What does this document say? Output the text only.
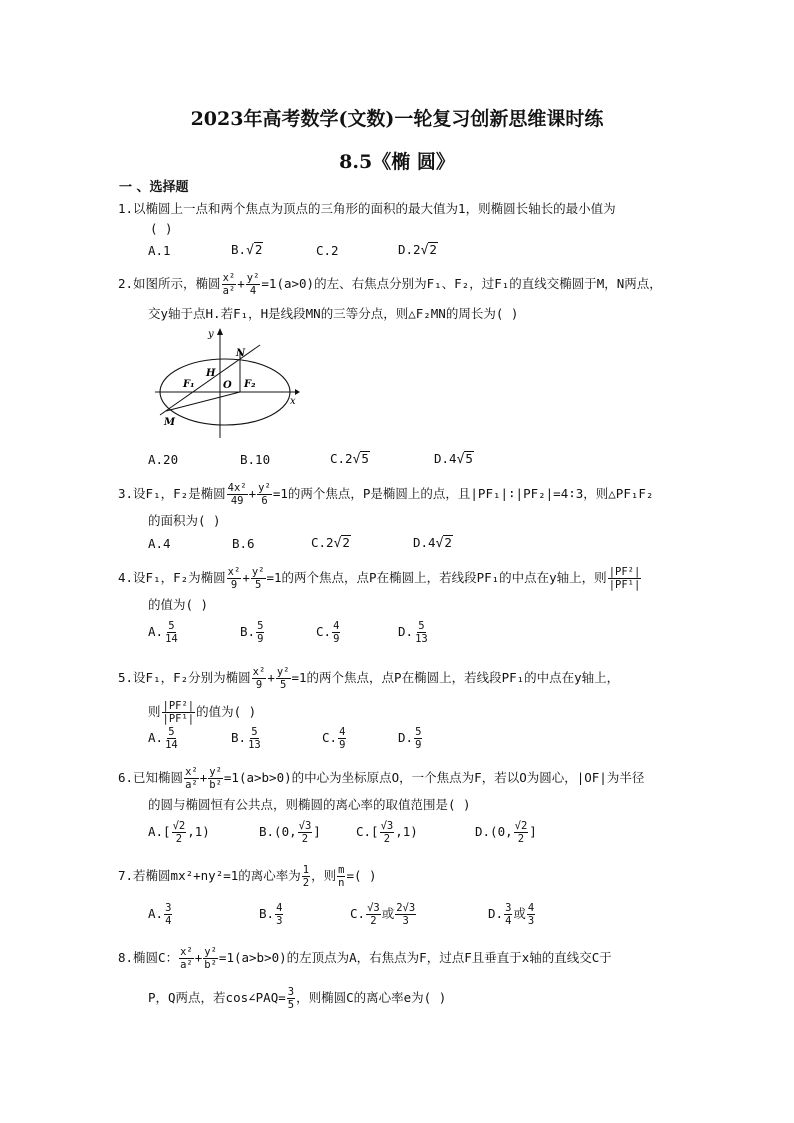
2023年高考数学(文数)一轮复习创新思维课时练
8.5《椭 圆》
一 、选择题
1.以椭圆上一点和两个焦点为顶点的三角形的面积的最大值为1，则椭圆长轴长的最小值为
( )
A.1	B.√2	C.2	D.2√2
2.如图所示，椭圆 $\frac{\text{x²}}{\text{a²}} + \frac{\text{y²}}{4} =1(a>0)$的左、右焦点分别为F₁、F₂，过F₁的直线交椭圆于M，N两点，
交y轴于点H.若F₁，H是线段MN的三等分点，则△F₂MN的周长为( )
y
x
N
H
F₁	O F₂
M
A.20	B.10	C.2√5	D.4√5
3.设F₁，F₂是椭圆 $\frac{\text{4x²}}{49} + \frac{\text{y²}}{6} =1$的两个焦点，P是椭圆上的点，且|PF₁|∶|PF₂|=4∶3，则△PF₁F₂
的面积为( )
A.4	B.6	C.2√2	D.4√2
4.设F₁，F₂为椭圆 $\frac{\text{x²}}{9} + \frac{\text{y²}}{5} =1$的两个焦点，点P在椭圆上，若线段PF₁的中点在y轴上，则 $\frac{\text{|PF²|}}{\text{|PF¹|}}$
的值为( )
A. $\frac{5}{14}$	B. $\frac{5}{9}$	C. $\frac{4}{9}$	D. $\frac{5}{13}$
5.设F₁，F₂分别为椭圆 $\frac{\text{x²}}{9} + \frac{\text{y²}}{5} =1$的两个焦点，点P在椭圆上，若线段PF₁的中点在y轴上，
则 $\frac{\text{|PF²|}}{\text{|PF¹|}}$ 的值为( )
A. $\frac{5}{14}$	B. $\frac{5}{13}$	C. $\frac{4}{9}$	D. $\frac{5}{9}$
6.已知椭圆 $\frac{\text{x²}}{\text{a²}} + \frac{\text{y²}}{\text{b²}} =1(a>b>0)$的中心为坐标原点O，一个焦点为F，若以O为圆心，|OF|为半径
的圆与椭圆恒有公共点，则椭圆的离心率的取值范围是( )
$A.[ \frac{√2}{2} ,1)$	B.(0, $\frac{√3}{2}$ ]	$C.[ \frac{√3}{2} ,1)$	D.(0, $\frac{√2}{2}$ ]
7.若椭圆mx²+ny²=1的离心率为 $\frac{1}{2}$ ，则 $\frac{m}{n}$ =( )
A. $\frac{3}{4}$	B. $\frac{4}{3}$	C. $\frac{√3}{2}$ 或 $\frac{2√3}{3}$	D. $\frac{3}{4}$ 或 $\frac{4}{3}$
8.椭圆C： $\frac{\text{x²}}{\text{a²}} + \frac{\text{y²}}{\text{b²}} =1(a>b>0)$的左顶点为A，右焦点为F，过点F且垂直于x轴的直线交C于
P，Q两点，若cos∠PAQ= $\frac{3}{5}$ ，则椭圆C的离心率e为( )
